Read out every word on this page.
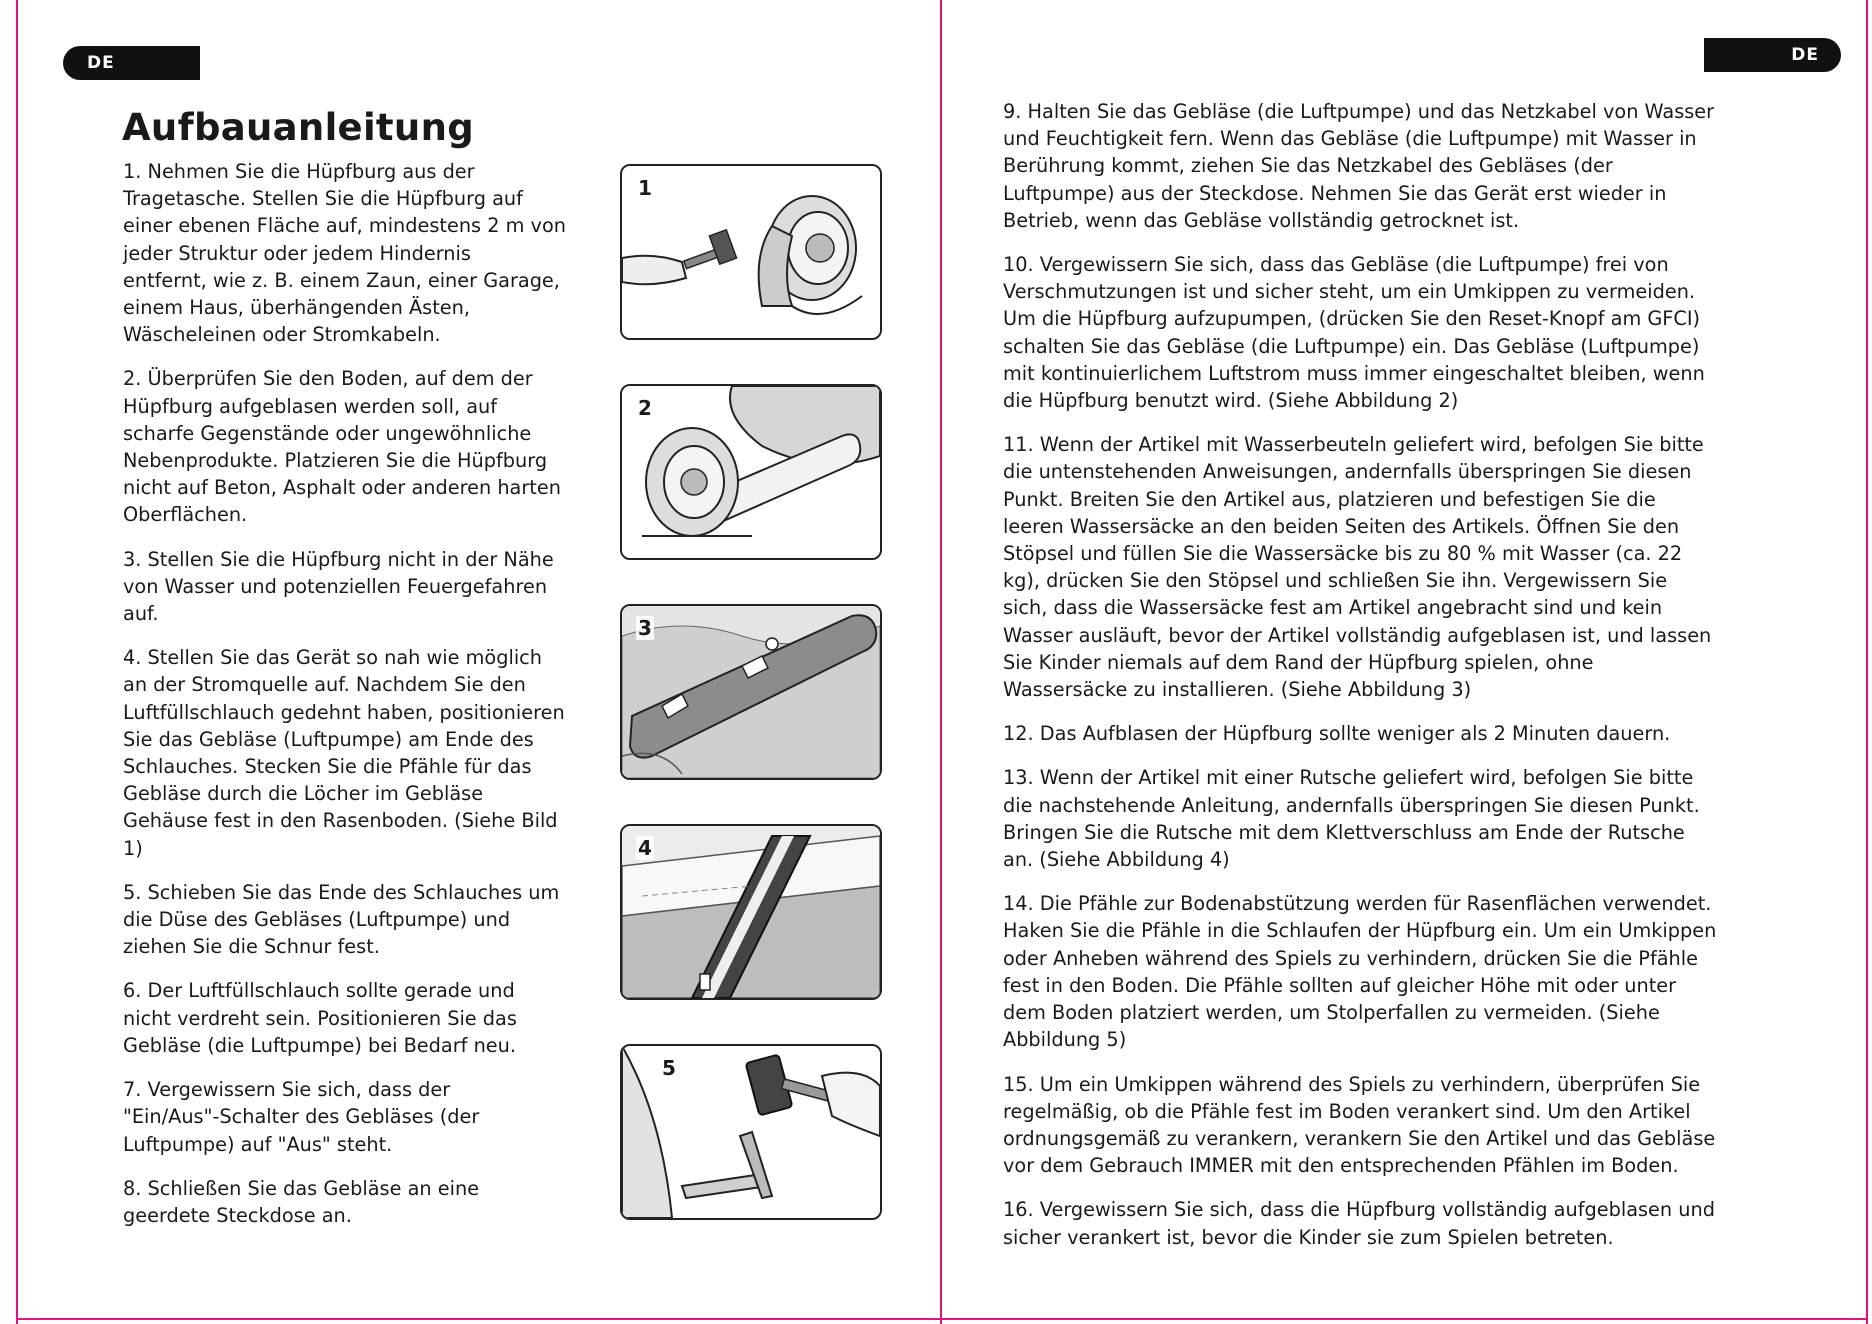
DE
Aufbauanleitung

1. Nehmen Sie die Hüpfburg aus der
Tragetasche. Stellen Sie die Hüpfburg auf
einer ebenen Fläche auf, mindestens 2 m von
jeder Struktur oder jedem Hindernis
entfernt, wie z. B. einem Zaun, einer Garage,
einem Haus, überhängenden Ästen,
Wäscheleinen oder Stromkabeln.

2. Überprüfen Sie den Boden, auf dem der
Hüpfburg aufgeblasen werden soll, auf
scharfe Gegenstände oder ungewöhnliche
Nebenprodukte. Platzieren Sie die Hüpfburg
nicht auf Beton, Asphalt oder anderen harten
Oberflächen.

3. Stellen Sie die Hüpfburg nicht in der Nähe
von Wasser und potenziellen Feuergefahren
auf.

4. Stellen Sie das Gerät so nah wie möglich
an der Stromquelle auf. Nachdem Sie den
Luftfüllschlauch gedehnt haben, positionieren
Sie das Gebläse (Luftpumpe) am Ende des
Schlauches. Stecken Sie die Pfähle für das
Gebläse durch die Löcher im Gebläse
Gehäuse fest in den Rasenboden. (Siehe Bild
1)

5. Schieben Sie das Ende des Schlauches um
die Düse des Gebläses (Luftpumpe) und
ziehen Sie die Schnur fest.

6. Der Luftfüllschlauch sollte gerade und
nicht verdreht sein. Positionieren Sie das
Gebläse (die Luftpumpe) bei Bedarf neu.

7. Vergewissern Sie sich, dass der
"Ein/Aus"-Schalter des Gebläses (der
Luftpumpe) auf "Aus" steht.

8. Schließen Sie das Gebläse an eine
geerdete Steckdose an.

1
2
3
4
5
DE

9. Halten Sie das Gebläse (die Luftpumpe) und das Netzkabel von Wasser
und Feuchtigkeit fern. Wenn das Gebläse (die Luftpumpe) mit Wasser in
Berührung kommt, ziehen Sie das Netzkabel des Gebläses (der
Luftpumpe) aus der Steckdose. Nehmen Sie das Gerät erst wieder in
Betrieb, wenn das Gebläse vollständig getrocknet ist.

10. Vergewissern Sie sich, dass das Gebläse (die Luftpumpe) frei von
Verschmutzungen ist und sicher steht, um ein Umkippen zu vermeiden.
Um die Hüpfburg aufzupumpen, (drücken Sie den Reset-Knopf am GFCI)
schalten Sie das Gebläse (die Luftpumpe) ein. Das Gebläse (Luftpumpe)
mit kontinuierlichem Luftstrom muss immer eingeschaltet bleiben, wenn
die Hüpfburg benutzt wird. (Siehe Abbildung 2)

11. Wenn der Artikel mit Wasserbeuteln geliefert wird, befolgen Sie bitte
die untenstehenden Anweisungen, andernfalls überspringen Sie diesen
Punkt. Breiten Sie den Artikel aus, platzieren und befestigen Sie die
leeren Wassersäcke an den beiden Seiten des Artikels. Öffnen Sie den
Stöpsel und füllen Sie die Wassersäcke bis zu 80 % mit Wasser (ca. 22
kg), drücken Sie den Stöpsel und schließen Sie ihn. Vergewissern Sie
sich, dass die Wassersäcke fest am Artikel angebracht sind und kein
Wasser ausläuft, bevor der Artikel vollständig aufgeblasen ist, und lassen
Sie Kinder niemals auf dem Rand der Hüpfburg spielen, ohne
Wassersäcke zu installieren. (Siehe Abbildung 3)

12. Das Aufblasen der Hüpfburg sollte weniger als 2 Minuten dauern.

13. Wenn der Artikel mit einer Rutsche geliefert wird, befolgen Sie bitte
die nachstehende Anleitung, andernfalls überspringen Sie diesen Punkt.
Bringen Sie die Rutsche mit dem Klettverschluss am Ende der Rutsche
an. (Siehe Abbildung 4)

14. Die Pfähle zur Bodenabstützung werden für Rasenflächen verwendet.
Haken Sie die Pfähle in die Schlaufen der Hüpfburg ein. Um ein Umkippen
oder Anheben während des Spiels zu verhindern, drücken Sie die Pfähle
fest in den Boden. Die Pfähle sollten auf gleicher Höhe mit oder unter
dem Boden platziert werden, um Stolperfallen zu vermeiden. (Siehe
Abbildung 5)

15. Um ein Umkippen während des Spiels zu verhindern, überprüfen Sie
regelmäßig, ob die Pfähle fest im Boden verankert sind. Um den Artikel
ordnungsgemäß zu verankern, verankern Sie den Artikel und das Gebläse
vor dem Gebrauch IMMER mit den entsprechenden Pfählen im Boden.

16. Vergewissern Sie sich, dass die Hüpfburg vollständig aufgeblasen und
sicher verankert ist, bevor die Kinder sie zum Spielen betreten.
